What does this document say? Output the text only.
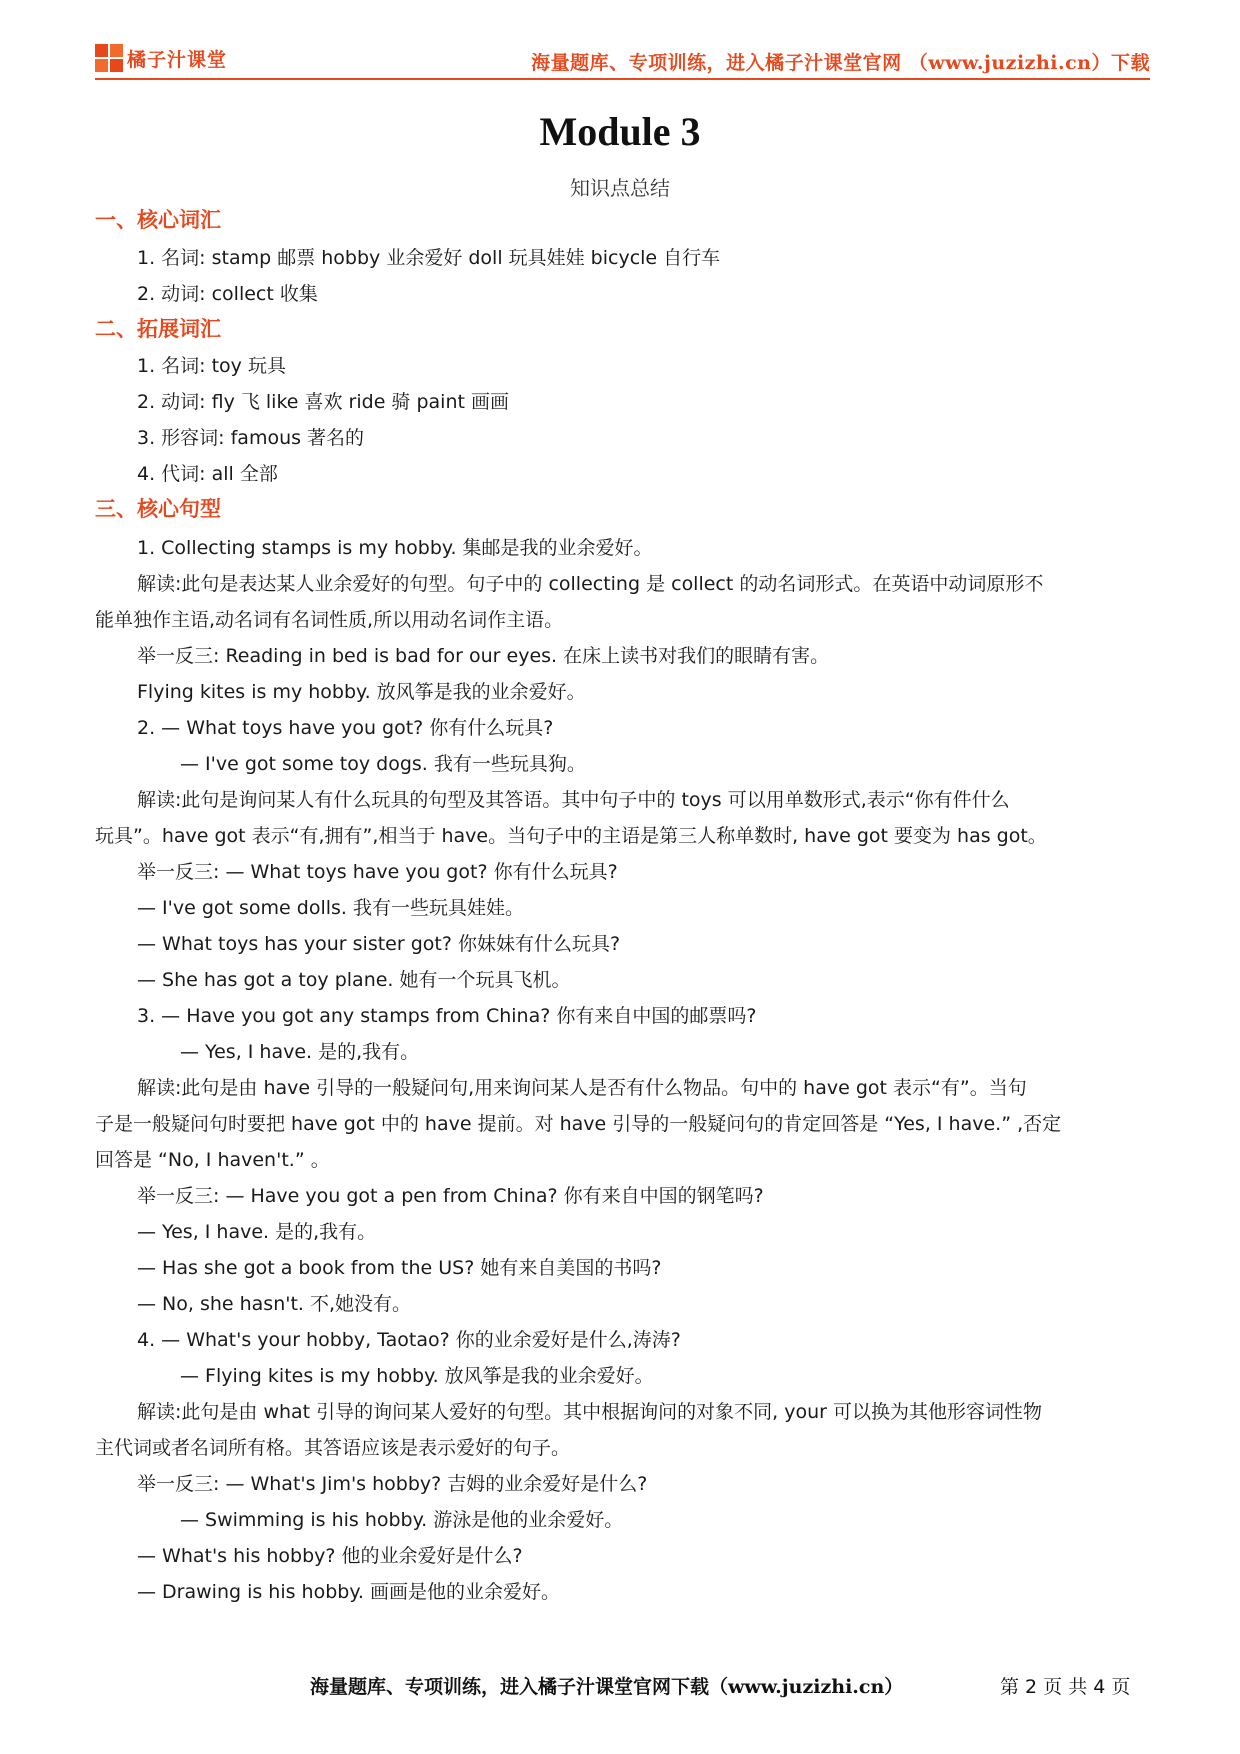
橘子汁课堂	海量题库、专项训练，进入橘子汁课堂官网 （www.juzizhi.cn）下载
Module 3
知识点总结
一、核心词汇
1. 名词: stamp 邮票 hobby 业余爱好 doll 玩具娃娃 bicycle 自行车
2. 动词: collect 收集
二、拓展词汇
1. 名词: toy 玩具
2. 动词: fly 飞 like 喜欢 ride 骑 paint 画画
3. 形容词: famous 著名的
4. 代词: all 全部
三、核心句型
1. Collecting stamps is my hobby. 集邮是我的业余爱好。
解读:此句是表达某人业余爱好的句型。句子中的 collecting 是 collect 的动名词形式。在英语中动词原形不
能单独作主语,动名词有名词性质,所以用动名词作主语。
举一反三: Reading in bed is bad for our eyes. 在床上读书对我们的眼睛有害。
Flying kites is my hobby. 放风筝是我的业余爱好。
2. — What toys have you got? 你有什么玩具?
— I've got some toy dogs. 我有一些玩具狗。
解读:此句是询问某人有什么玩具的句型及其答语。其中句子中的 toys 可以用单数形式,表示“你有件什么
玩具”。have got 表示“有,拥有”,相当于 have。当句子中的主语是第三人称单数时, have got 要变为 has got。
举一反三: — What toys have you got? 你有什么玩具?
— I've got some dolls. 我有一些玩具娃娃。
— What toys has your sister got? 你妹妹有什么玩具?
— She has got a toy plane. 她有一个玩具飞机。
3. — Have you got any stamps from China? 你有来自中国的邮票吗?
— Yes, I have. 是的,我有。
解读:此句是由 have 引导的一般疑问句,用来询问某人是否有什么物品。句中的 have got 表示“有”。当句
子是一般疑问句时要把 have got 中的 have 提前。对 have 引导的一般疑问句的肯定回答是 “Yes, I have.” ,否定
回答是 “No, I haven't.” 。
举一反三: — Have you got a pen from China? 你有来自中国的钢笔吗?
— Yes, I have. 是的,我有。
— Has she got a book from the US? 她有来自美国的书吗?
— No, she hasn't. 不,她没有。
4. — What's your hobby, Taotao? 你的业余爱好是什么,涛涛?
— Flying kites is my hobby. 放风筝是我的业余爱好。
解读:此句是由 what 引导的询问某人爱好的句型。其中根据询问的对象不同, your 可以换为其他形容词性物
主代词或者名词所有格。其答语应该是表示爱好的句子。
举一反三: — What's Jim's hobby? 吉姆的业余爱好是什么?
— Swimming is his hobby. 游泳是他的业余爱好。
— What's his hobby? 他的业余爱好是什么?
— Drawing is his hobby. 画画是他的业余爱好。
海量题库、专项训练，进入橘子汁课堂官网下载（www.juzizhi.cn）	第 2 页 共 4 页
